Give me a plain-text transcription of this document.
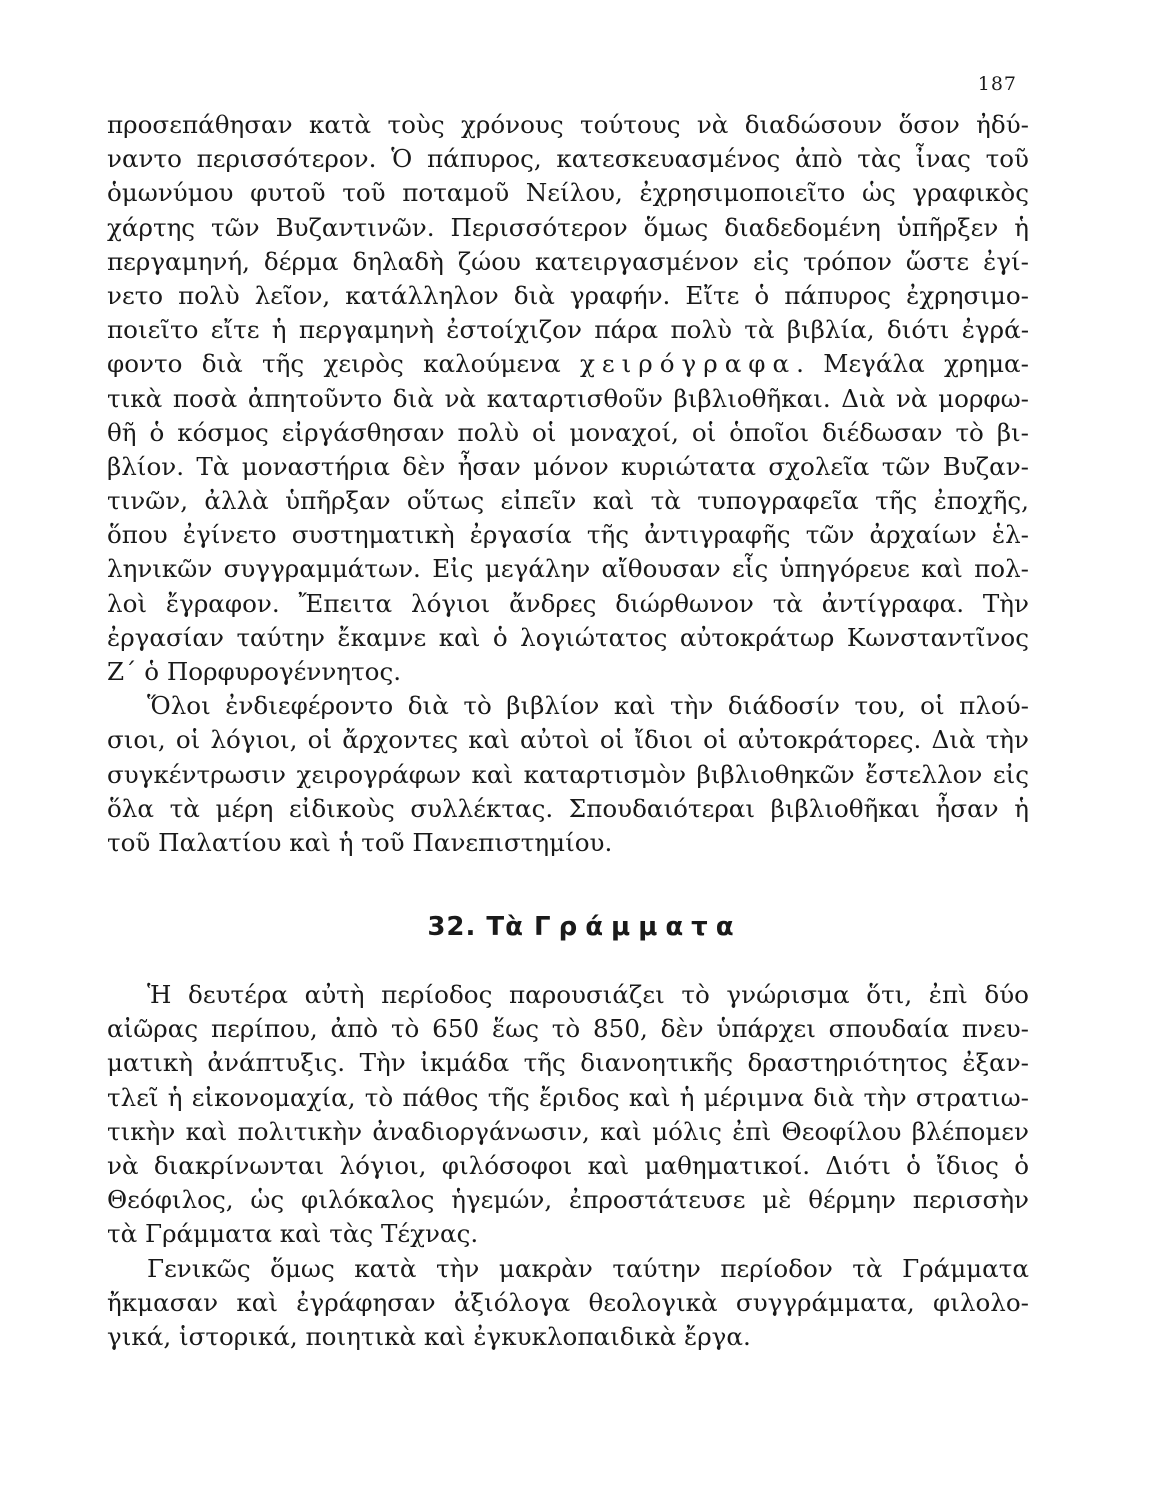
187
προσεπάθησαν κατὰ τοὺς χρόνους τούτους νὰ διαδώσουν ὅσον ἠδύ-
ναντο περισσότερον. Ὁ πάπυρος, κατεσκευασμένος ἀπὸ τὰς ἶνας τοῦ
ὁμωνύμου φυτοῦ τοῦ ποταμοῦ Νείλου, ἐχρησιμοποιεῖτο ὡς γραφικὸς
χάρτης τῶν Βυζαντινῶν. Περισσότερον ὅμως διαδεδομένη ὑπῆρξεν ἡ
περγαμηνή, δέρμα δηλαδὴ ζώου κατειργασμένον εἰς τρόπον ὥστε ἐγί-
νετο πολὺ λεῖον, κατάλληλον διὰ γραφήν. Εἴτε ὁ πάπυρος ἐχρησιμο-
ποιεῖτο εἴτε ἡ περγαμηνὴ ἐστοίχιζον πάρα πολὺ τὰ βιβλία, διότι ἐγρά-
φοντο διὰ τῆς χειρὸς καλούμενα χειρόγραφα. Μεγάλα χρημα-
τικὰ ποσὰ ἀπητοῦντο διὰ νὰ καταρτισθοῦν βιβλιοθῆκαι. Διὰ νὰ μορφω-
θῆ ὁ κόσμος εἰργάσθησαν πολὺ οἱ μοναχοί, οἱ ὁποῖοι διέδωσαν τὸ βι-
βλίον. Τὰ μοναστήρια δὲν ἦσαν μόνον κυριώτατα σχολεῖα τῶν Βυζαν-
τινῶν, ἀλλὰ ὑπῆρξαν οὕτως εἰπεῖν καὶ τὰ τυπογραφεῖα τῆς ἐποχῆς,
ὅπου ἐγίνετο συστηματικὴ ἐργασία τῆς ἀντιγραφῆς τῶν ἀρχαίων ἑλ-
ληνικῶν συγγραμμάτων. Εἰς μεγάλην αἴθουσαν εἷς ὑπηγόρευε καὶ πολ-
λοὶ ἔγραφον. Ἔπειτα λόγιοι ἄνδρες διώρθωνον τὰ ἀντίγραφα. Τὴν
ἐργασίαν ταύτην ἔκαμνε καὶ ὁ λογιώτατος αὐτοκράτωρ Κωνσταντῖνος
Ζ΄ ὁ Πορφυρογέννητος.
Ὅλοι ἐνδιεφέροντο διὰ τὸ βιβλίον καὶ τὴν διάδοσίν του, οἱ πλού-
σιοι, οἱ λόγιοι, οἱ ἄρχοντες καὶ αὐτοὶ οἱ ἴδιοι οἱ αὐτοκράτορες. Διὰ τὴν
συγκέντρωσιν χειρογράφων καὶ καταρτισμὸν βιβλιοθηκῶν ἔστελλον εἰς
ὅλα τὰ μέρη εἰδικοὺς συλλέκτας. Σπουδαιότεραι βιβλιοθῆκαι ἦσαν ἡ
τοῦ Παλατίου καὶ ἡ τοῦ Πανεπιστημίου.
32. Τὰ Γράμματα
Ἡ δευτέρα αὐτὴ περίοδος παρουσιάζει τὸ γνώρισμα ὅτι, ἐπὶ δύο
αἰῶρας περίπου, ἀπὸ τὸ 650 ἕως τὸ 850, δὲν ὑπάρχει σπουδαία πνευ-
ματικὴ ἀνάπτυξις. Τὴν ἰκμάδα τῆς διανοητικῆς δραστηριότητος ἐξαν-
τλεῖ ἡ εἰκονομαχία, τὸ πάθος τῆς ἔριδος καὶ ἡ μέριμνα διὰ τὴν στρατιω-
τικὴν καὶ πολιτικὴν ἀναδιοργάνωσιν, καὶ μόλις ἐπὶ Θεοφίλου βλέπομεν
νὰ διακρίνωνται λόγιοι, φιλόσοφοι καὶ μαθηματικοί. Διότι ὁ ἴδιος ὁ
Θεόφιλος, ὡς φιλόκαλος ἡγεμών, ἐπροστάτευσε μὲ θέρμην περισσὴν
τὰ Γράμματα καὶ τὰς Τέχνας.
Γενικῶς ὅμως κατὰ τὴν μακρὰν ταύτην περίοδον τὰ Γράμματα
ἤκμασαν καὶ ἐγράφησαν ἀξιόλογα θεολογικὰ συγγράμματα, φιλολο-
γικά, ἱστορικά, ποιητικὰ καὶ ἐγκυκλοπαιδικὰ ἔργα.
